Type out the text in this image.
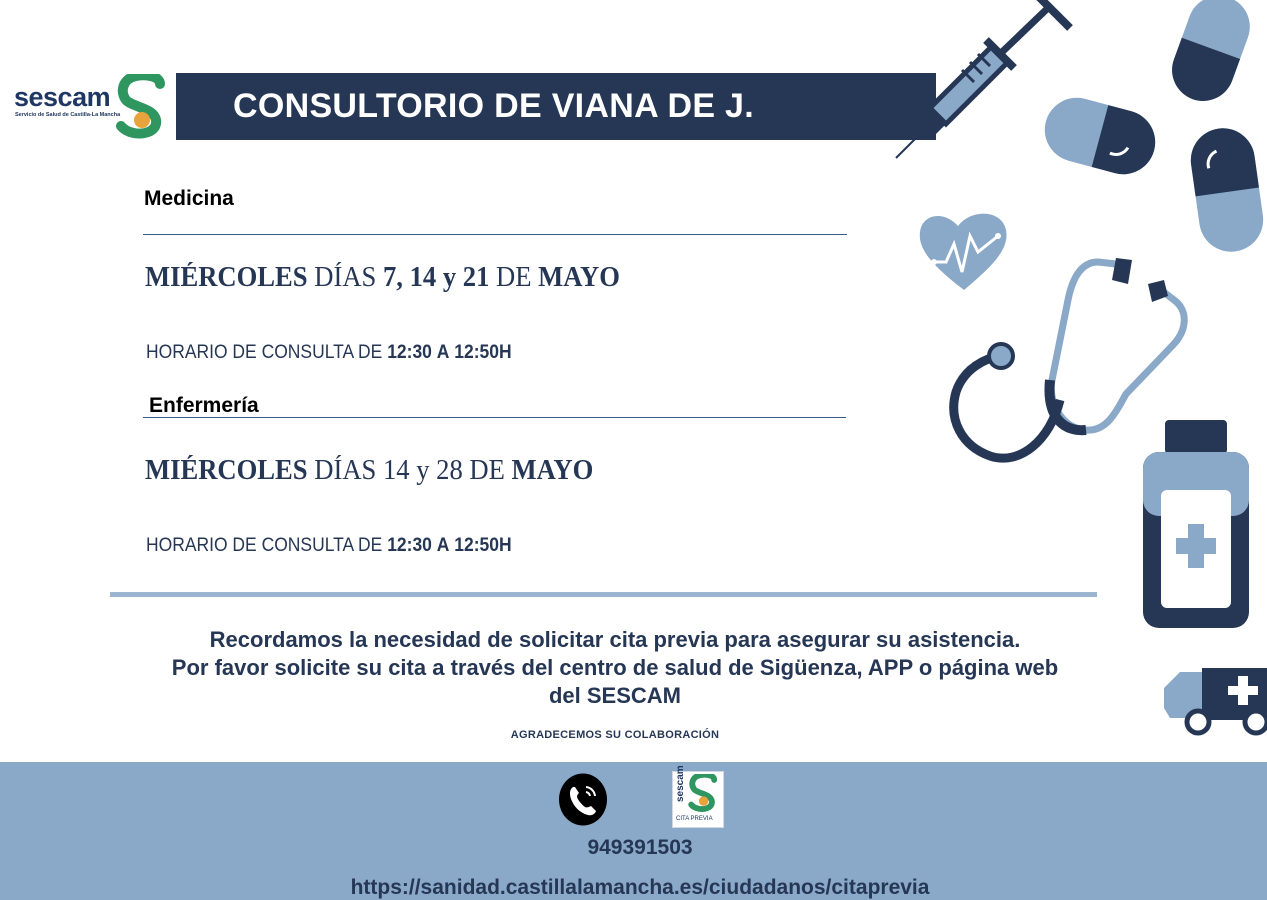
sescam
Servicio de Salud de Castilla-La Mancha	CONSULTORIO DE VIANA DE J.
Medicina
MIÉRCOLES DÍAS 7, 14 y 21 DE MAYO
HORARIO DE CONSULTA DE 12:30 A 12:50H
Enfermería
MIÉRCOLES DÍAS 14 y 28 DE MAYO
HORARIO DE CONSULTA DE 12:30 A 12:50H
Recordamos la necesidad de solicitar cita previa para asegurar su asistencia.
Por favor solicite su cita a través del centro de salud de Sigüenza, APP o página web
del SESCAM
AGRADECEMOS SU COLABORACIÓN
sescam
CITA PREVIA
949391503
https://sanidad.castillalamancha.es/ciudadanos/citaprevia
